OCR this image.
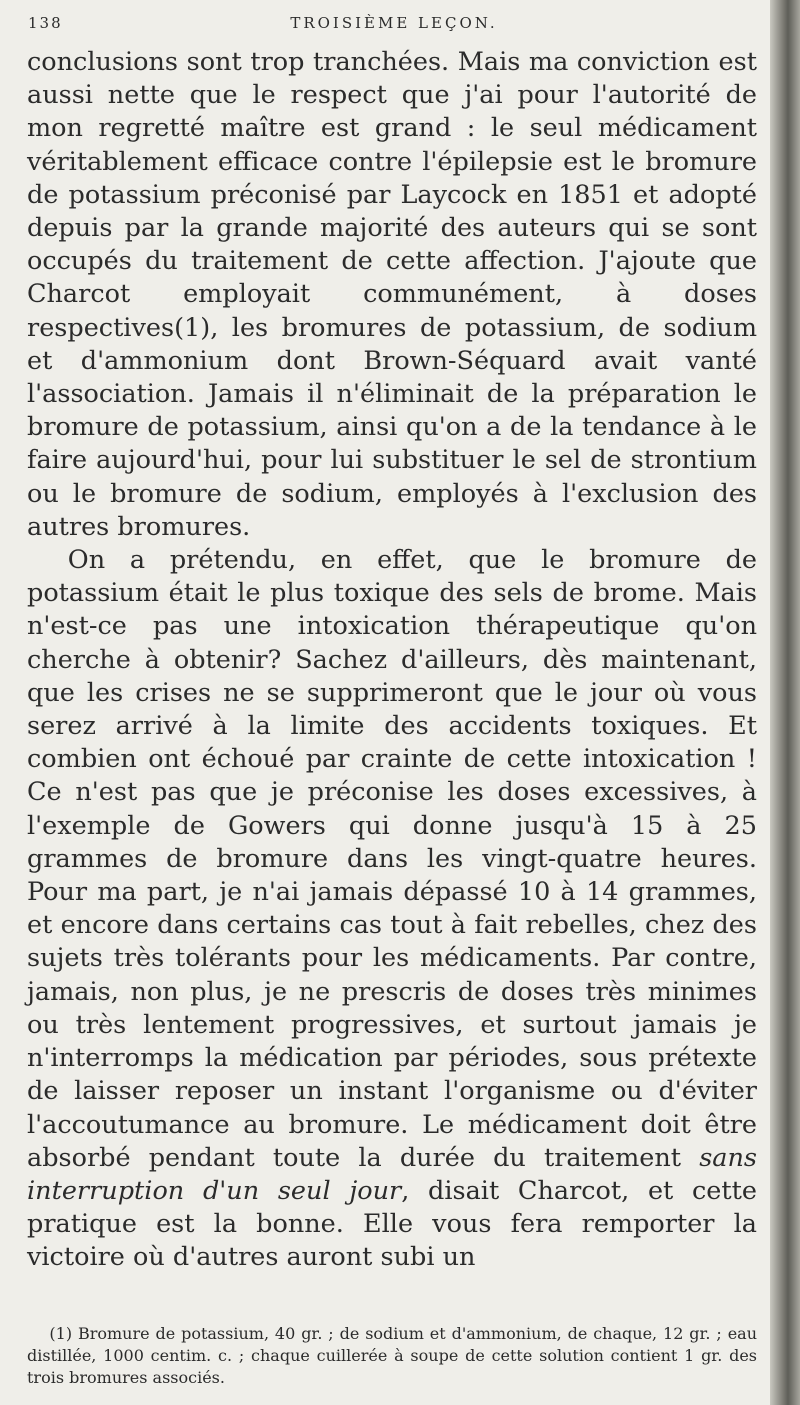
138	TROISIÈME LEÇON.

conclusions sont trop tranchées. Mais ma conviction est aussi nette que le respect que j'ai pour l'autorité de mon regretté maître est grand : le seul médicament véritablement efficace contre l'épilepsie est le bromure de potassium préconisé par Laycock en 1851 et adopté depuis par la grande majorité des auteurs qui se sont occupés du traitement de cette affection. J'ajoute que Charcot employait communément, à doses respectives(1), les bromures de potassium, de sodium et d'ammonium dont Brown-Séquard avait vanté l'association. Jamais il n'éliminait de la préparation le bromure de potassium, ainsi qu'on a de la tendance à le faire aujourd'hui, pour lui substituer le sel de strontium ou le bromure de sodium, employés à l'exclusion des autres bromures.

On a prétendu, en effet, que le bromure de potassium était le plus toxique des sels de brome. Mais n'est-ce pas une intoxication thérapeutique qu'on cherche à obtenir? Sachez d'ailleurs, dès maintenant, que les crises ne se supprimeront que le jour où vous serez arrivé à la limite des accidents toxiques. Et combien ont échoué par crainte de cette intoxication ! Ce n'est pas que je préconise les doses excessives, à l'exemple de Gowers qui donne jusqu'à 15 à 25 grammes de bromure dans les vingt-quatre heures. Pour ma part, je n'ai jamais dépassé 10 à 14 grammes, et encore dans certains cas tout à fait rebelles, chez des sujets très tolérants pour les médicaments. Par contre, jamais, non plus, je ne prescris de doses très minimes ou très lentement progressives, et surtout jamais je n'interromps la médication par périodes, sous prétexte de laisser reposer un instant l'organisme ou d'éviter l'accoutumance au bromure. Le médicament doit être absorbé pendant toute la durée du traitement sans interruption d'un seul jour, disait Charcot, et cette pratique est la bonne. Elle vous fera remporter la victoire où d'autres auront subi un

(1) Bromure de potassium, 40 gr. ; de sodium et d'ammonium, de chaque, 12 gr. ; eau distillée, 1000 centim. c. ; chaque cuillerée à soupe de cette solution contient 1 gr. des trois bromures associés.
